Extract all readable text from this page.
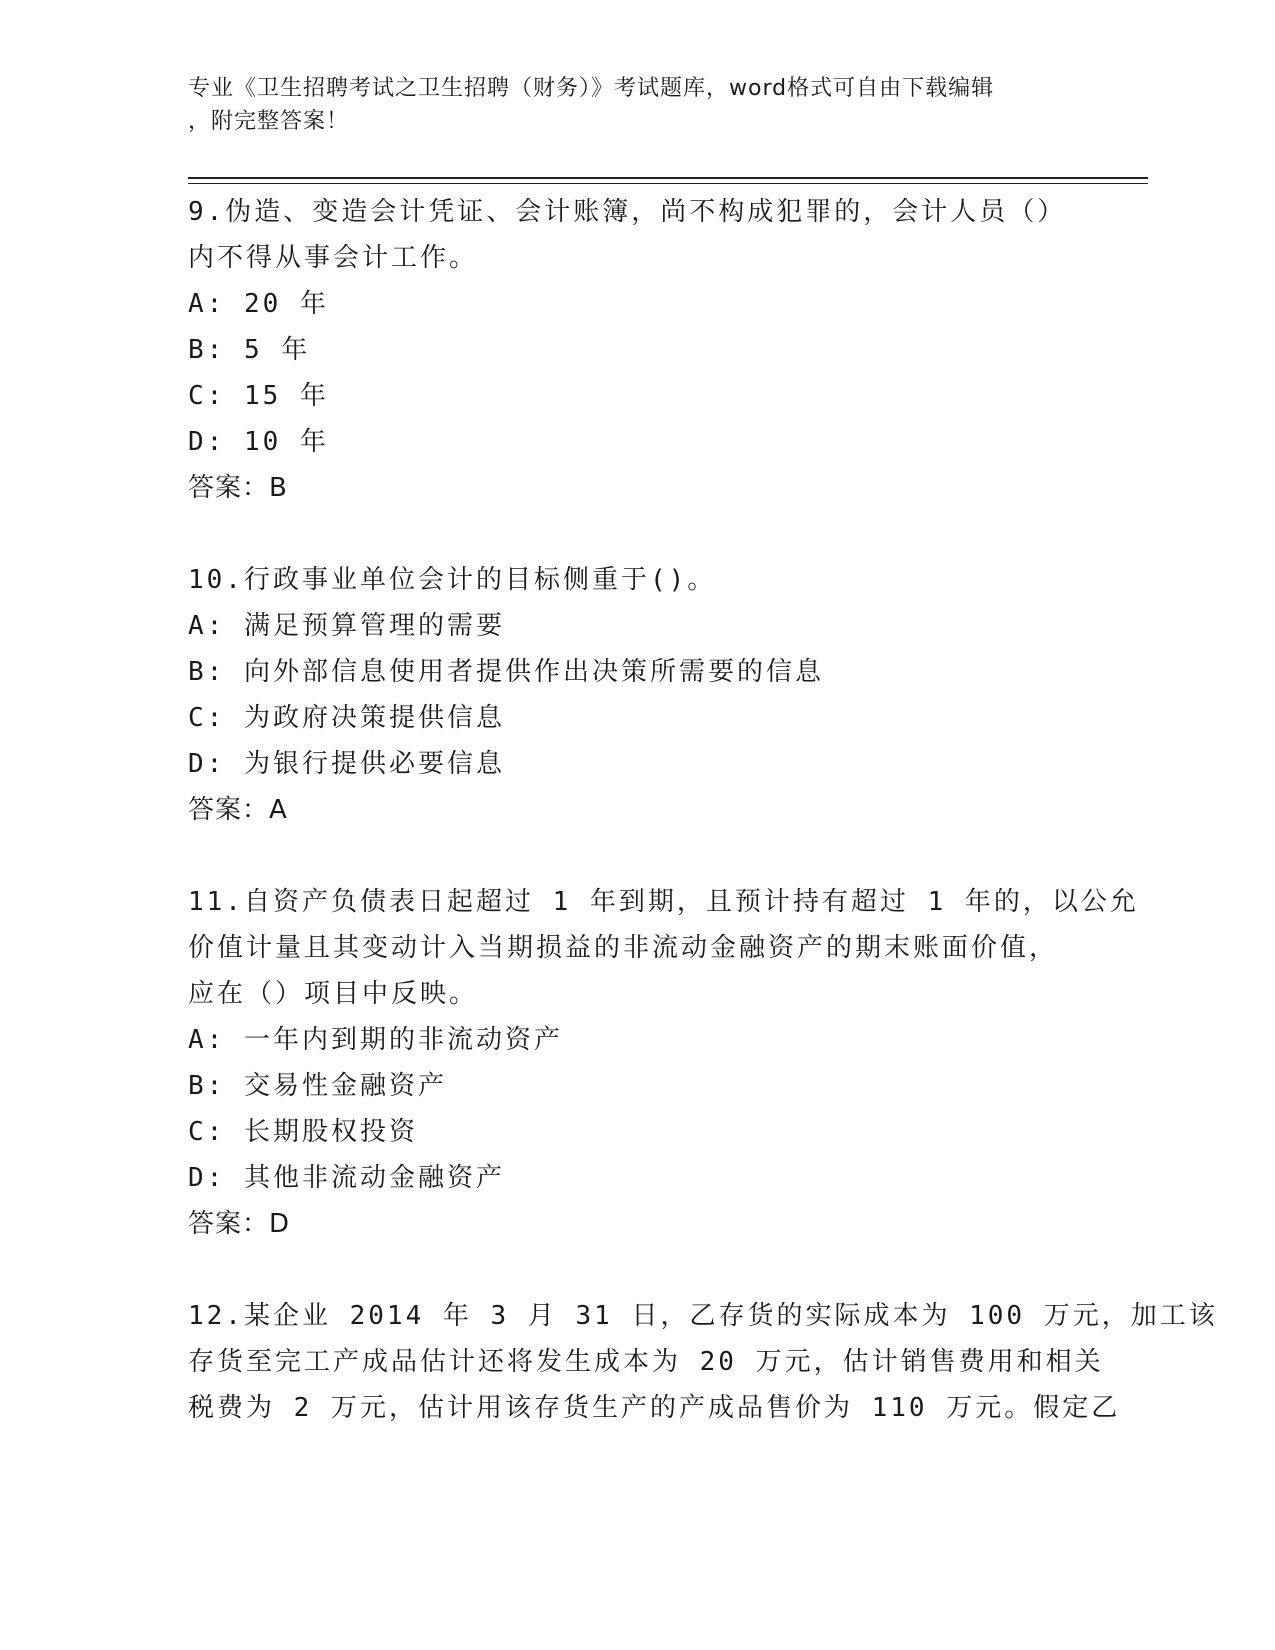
专业《卫生招聘考试之卫生招聘（财务）》考试题库，word格式可自由下载编辑
，附完整答案！
9.伪造、变造会计凭证、会计账簿，尚不构成犯罪的，会计人员（）
内不得从事会计工作。
A: 20 年
B: 5 年
C: 15 年
D: 10 年
答案：B
10.行政事业单位会计的目标侧重于()。
A: 满足预算管理的需要
B: 向外部信息使用者提供作出决策所需要的信息
C: 为政府决策提供信息
D: 为银行提供必要信息
答案：A
11.自资产负债表日起超过 1 年到期，且预计持有超过 1 年的，以公允
价值计量且其变动计入当期损益的非流动金融资产的期末账面价值，
应在（）项目中反映。
A: 一年内到期的非流动资产
B: 交易性金融资产
C: 长期股权投资
D: 其他非流动金融资产
答案：D
12.某企业 2014 年 3 月 31 日，乙存货的实际成本为 100 万元，加工该
存货至完工产成品估计还将发生成本为 20 万元，估计销售费用和相关
税费为 2 万元，估计用该存货生产的产成品售价为 110 万元。假定乙
